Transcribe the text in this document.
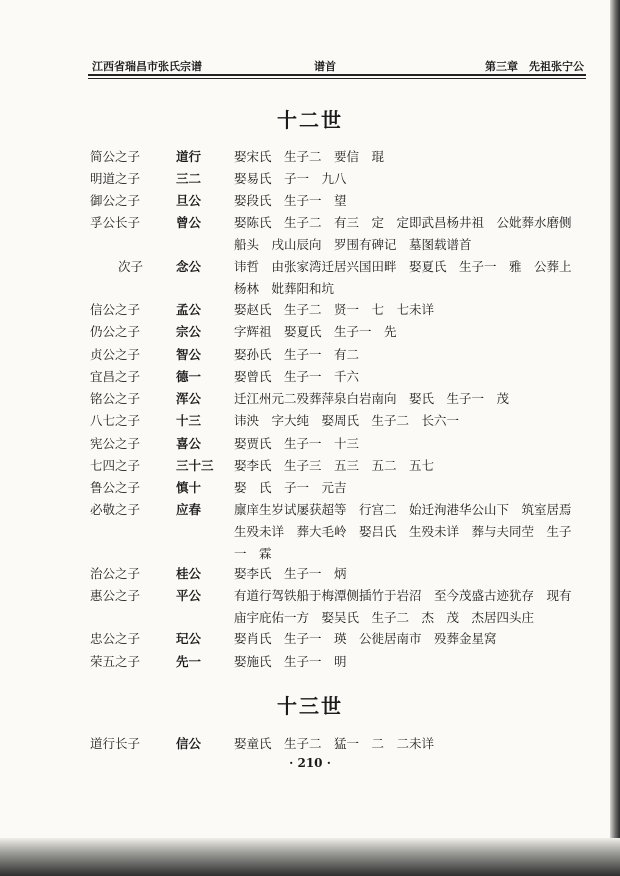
江西省瑞昌市张氏宗谱	谱首	第三章　先祖张宁公
十二世
简公之子	道行	娶宋氏　生子二　要信　琨
明道之子	三二	娶易氏　子一　九八
御公之子	旦公	娶段氏　生子一　望
孚公长子	曾公	娶陈氏　生子二　有三　定　定即武昌杨井祖　公妣葬水磨侧船头　戌山辰向　罗围有碑记　墓图载谱首
次子	念公	讳哲　由张家湾迁居兴国田畔　娶夏氏　生子一　雅　公葬上杨林　妣葬阳和坑
信公之子	孟公	娶赵氏　生子二　贤一　七　七未详
仍公之子	宗公	字辉祖　娶夏氏　生子一　先
贞公之子	智公	娶孙氏　生子一　有二
宜昌之子	德一	娶曾氏　生子一　千六
铭公之子	浑公	迁江州元二殁葬萍泉白岩南向　娶氏　生子一　茂
八七之子	十三	讳泱　字大纯　娶周氏　生子二　长六一
宪公之子	喜公	娶贾氏　生子一　十三
七四之子	三十三	娶李氏　生子三　五三　五二　五七
鲁公之子	慎十	娶　氏　子一　元吉
必敬之子	应春	廪庠生岁试屡获超等　行宫二　始迁洵港华公山下　筑室居焉生殁未详　葬大毛岭　娶吕氏　生殁未详　葬与夫同茔　生子一　霖
治公之子	桂公	娶李氏　生子一　炳
惠公之子	平公	有道行驾铁船于梅潭侧插竹于岩沼　至今茂盛古迹犹存　现有庙宇庇佑一方　娶吴氏　生子二　杰　茂　杰居四头庄
忠公之子	玘公	娶肖氏　生子一　瑛　公徙居南市　殁葬金星窝
荣五之子	先一	娶施氏　生子一　明
十三世
道行长子	信公	娶童氏　生子二　猛一　二　二未详
· 210 ·
